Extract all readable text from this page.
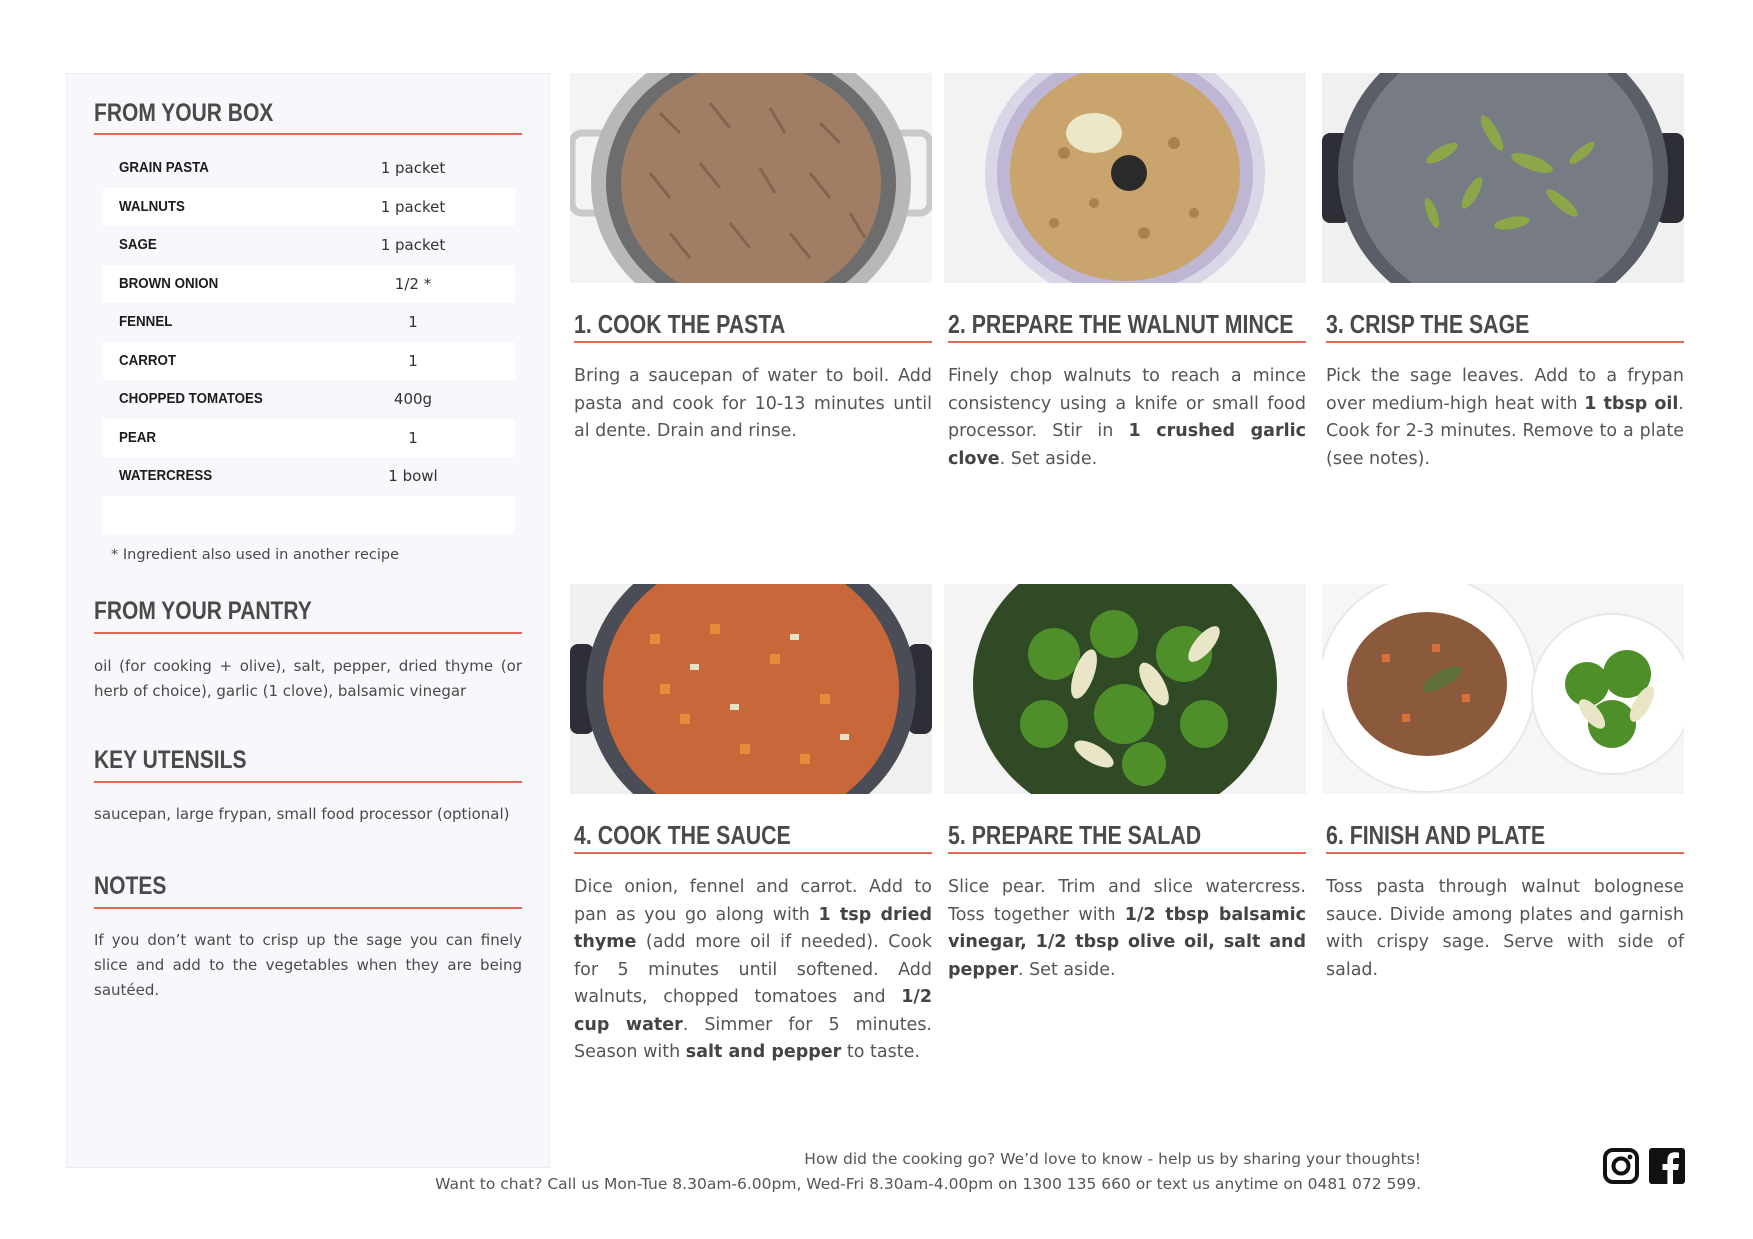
FROM YOUR BOX
GRAIN PASTA	1 packet
WALNUTS	1 packet
SAGE	1 packet
BROWN ONION	1/2 *
FENNEL	1
CARROT	1
CHOPPED TOMATOES	400g
PEAR	1
WATERCRESS	1 bowl
* Ingredient also used in another recipe
FROM YOUR PANTRY
oil (for cooking + olive), salt, pepper, dried thyme (or herb of choice), garlic (1 clove), balsamic vinegar
KEY UTENSILS
saucepan, large frypan, small food processor (optional)
NOTES
If you don’t want to crisp up the sage you can finely slice and add to the vegetables when they are being sautéed.
1. COOK THE PASTA
Bring a saucepan of water to boil. Add pasta and cook for 10-13 minutes until al dente. Drain and rinse.
2. PREPARE THE WALNUT MINCE
Finely chop walnuts to reach a mince consistency using a knife or small food processor. Stir in 1 crushed garlic clove. Set aside.
3. CRISP THE SAGE
Pick the sage leaves. Add to a frypan over medium-high heat with 1 tbsp oil. Cook for 2-3 minutes. Remove to a plate (see notes).
4. COOK THE SAUCE
Dice onion, fennel and carrot. Add to pan as you go along with 1 tsp dried thyme (add more oil if needed). Cook for 5 minutes until softened. Add walnuts, chopped tomatoes and 1/2 cup water. Simmer for 5 minutes. Season with salt and pepper to taste.
5. PREPARE THE SALAD
Slice pear. Trim and slice watercress. Toss together with 1/2 tbsp balsamic vinegar, 1/2 tbsp olive oil, salt and pepper. Set aside.
6. FINISH AND PLATE
Toss pasta through walnut bolognese sauce. Divide among plates and garnish with crispy sage. Serve with side of salad.
How did the cooking go? We’d love to know - help us by sharing your thoughts!
Want to chat? Call us Mon-Tue 8.30am-6.00pm, Wed-Fri 8.30am-4.00pm on 1300 135 660 or text us anytime on 0481 072 599.
